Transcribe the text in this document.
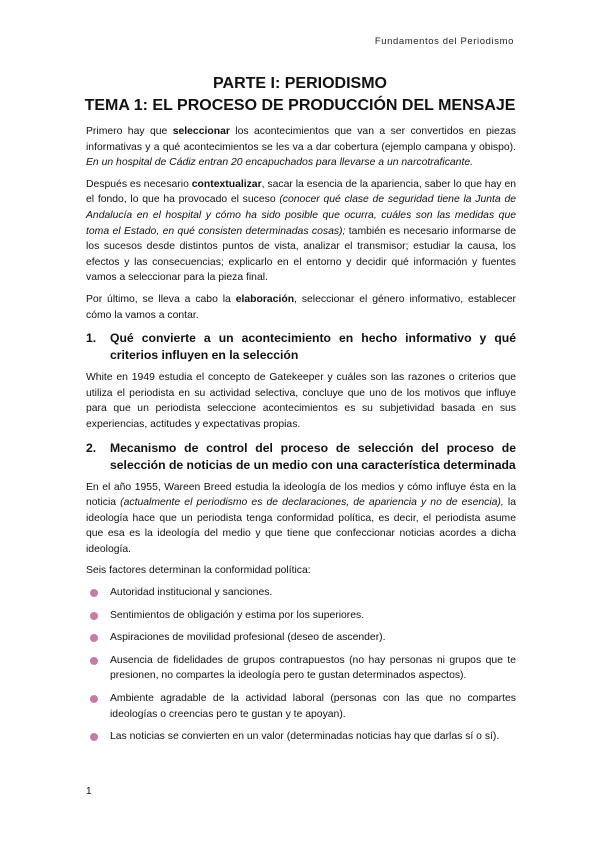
Fundamentos del Periodismo
PARTE I: PERIODISMO
TEMA 1: EL PROCESO DE PRODUCCIÓN DEL MENSAJE

Primero hay que seleccionar los acontecimientos que van a ser convertidos en piezas informativas y a qué acontecimientos se les va a dar cobertura (ejemplo campana y obispo). En un hospital de Cádiz entran 20 encapuchados para llevarse a un narcotraficante.

Después es necesario contextualizar, sacar la esencia de la apariencia, saber lo que hay en el fondo, lo que ha provocado el suceso (conocer qué clase de seguridad tiene la Junta de Andalucía en el hospital y cómo ha sido posible que ocurra, cuáles son las medidas que toma el Estado, en qué consisten determinadas cosas); también es necesario informarse de los sucesos desde distintos puntos de vista, analizar el transmisor; estudiar la causa, los efectos y las consecuencias; explicarlo en el entorno y decidir qué información y fuentes vamos a seleccionar para la pieza final.

Por último, se lleva a cabo la elaboración, seleccionar el género informativo, establecer cómo la vamos a contar.

1.	Qué convierte a un acontecimiento en hecho informativo y qué criterios influyen en la selección

White en 1949 estudia el concepto de Gatekeeper y cuáles son las razones o criterios que utiliza el periodista en su actividad selectiva, concluye que uno de los motivos que influye para que un periodista seleccione acontecimientos es su subjetividad basada en sus experiencias, actitudes y expectativas propias.

2.	Mecanismo de control del proceso de selección del proceso de selección de noticias de un medio con una característica determinada

En el año 1955, Wareen Breed estudia la ideología de los medios y cómo influye ésta en la noticia (actualmente el periodismo es de declaraciones, de apariencia y no de esencia), la ideología hace que un periodista tenga conformidad política, es decir, el periodista asume que esa es la ideología del medio y que tiene que confeccionar noticias acordes a dicha ideología.

Seis factores determinan la conformidad política:

Autoridad institucional y sanciones.
Sentimientos de obligación y estima por los superiores.
Aspiraciones de movilidad profesional (deseo de ascender).
Ausencia de fidelidades de grupos contrapuestos (no hay personas ni grupos que te presionen, no compartes la ideología pero te gustan determinados aspectos).
Ambiente agradable de la actividad laboral (personas con las que no compartes ideologías o creencias pero te gustan y te apoyan).
Las noticias se convierten en un valor (determinadas noticias hay que darlas sí o sí).
1
